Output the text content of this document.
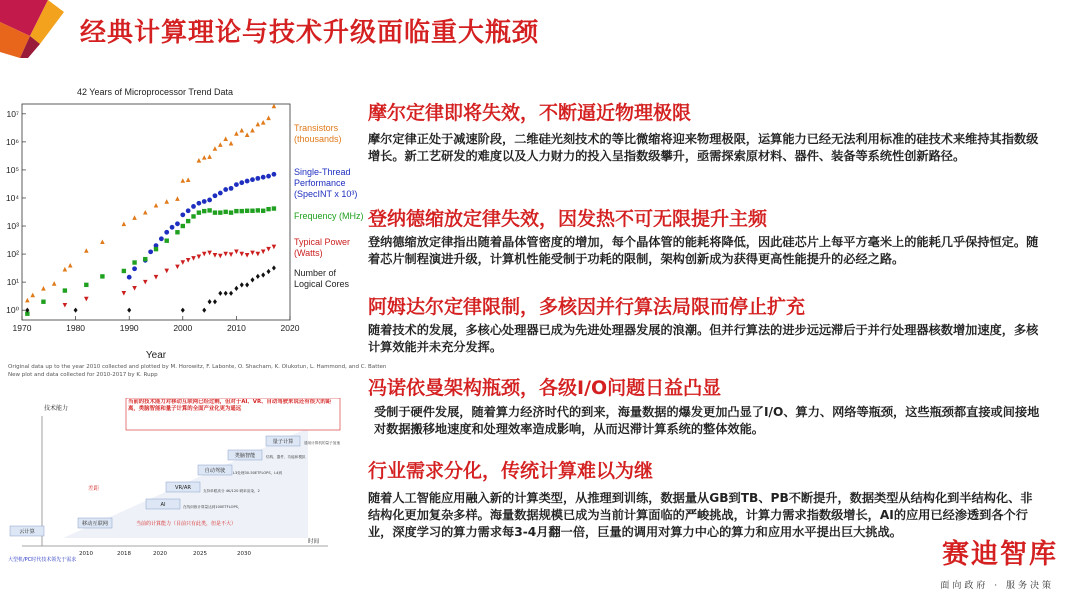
经典计算理论与技术升级面临重大瓶颈
42 Years of Microprocessor Trend Data
10⁰
10¹
10²
10³
10⁴
10⁵
10⁶
10⁷
1970	1980	1990	2000	2010	2020
Year
Transistors
(thousands)
Single-Thread
Performance
(SpecINT x 10³)
Frequency (MHz)
Typical Power
(Watts)
Number of
Logical Cores
Original data up to the year 2010 collected and plotted by M. Horowitz, F. Labonte, O. Shacham, K. Olukotun, L. Hammond, and C. Batten
New plot and data collected for 2010-2017 by K. Rupp
技术能力
时间
当前的技术能力对移动互联网已经过剩，但对于AI、VR、自动驾驶来说还有很大的距离，类脑智能和量子计算的全面产业化更为遥远
云计算
移动互联网
AI
VR/AR
自动驾驶
类脑智能
量子计算
在线训练计算量达到100ETFLOPS，
支持单眼高分 4K/120 刷率渲染，2
L3处理30-50ETFLOPS，L4到
结构、器件、功能和模拟
通用计算机的量子加速
差距
当前的计算能力（目前只有此类，但是不大）
2010	2018	2020	2025	2030
大型机/PC时代技术领先于需求
摩尔定律即将失效，不断逼近物理极限
摩尔定律正处于减速阶段，二维硅光刻技术的等比微缩将迎来物理极限，运算能力已经无法利用标准的硅技术来维持其指数级增长。新工艺研发的难度以及人力财力的投入呈指数级攀升，亟需探索原材料、器件、装备等系统性创新路径。
登纳德缩放定律失效，因发热不可无限提升主频
登纳德缩放定律指出随着晶体管密度的增加，每个晶体管的能耗将降低，因此硅芯片上每平方毫米上的能耗几乎保持恒定。随着芯片制程演进升级，计算机性能受制于功耗的限制，架构创新成为获得更高性能提升的必经之路。
阿姆达尔定律限制，多核因并行算法局限而停止扩充
随着技术的发展，多核心处理器已成为先进处理器发展的浪潮。但并行算法的进步远远滞后于并行处理器核数增加速度，多核计算效能并未充分发挥。
冯诺依曼架构瓶颈，各级I/O问题日益凸显
受制于硬件发展，随着算力经济时代的到来，海量数据的爆发更加凸显了I/O、算力、网络等瓶颈，这些瓶颈都直接或间接地对数据搬移地速度和处理效率造成影响，从而迟滞计算系统的整体效能。
行业需求分化，传统计算难以为继
随着人工智能应用融入新的计算类型，从推理到训练，数据量从GB到TB、PB不断提升，数据类型从结构化到半结构化、非结构化更加复杂多样。海量数据规模已成为当前计算面临的严峻挑战，计算力需求指数级增长，AI的应用已经渗透到各个行业，深度学习的算力需求每3-4月翻一倍，巨量的调用对算力中心的算力和应用水平提出巨大挑战。
赛迪智库
面向政府 · 服务决策
